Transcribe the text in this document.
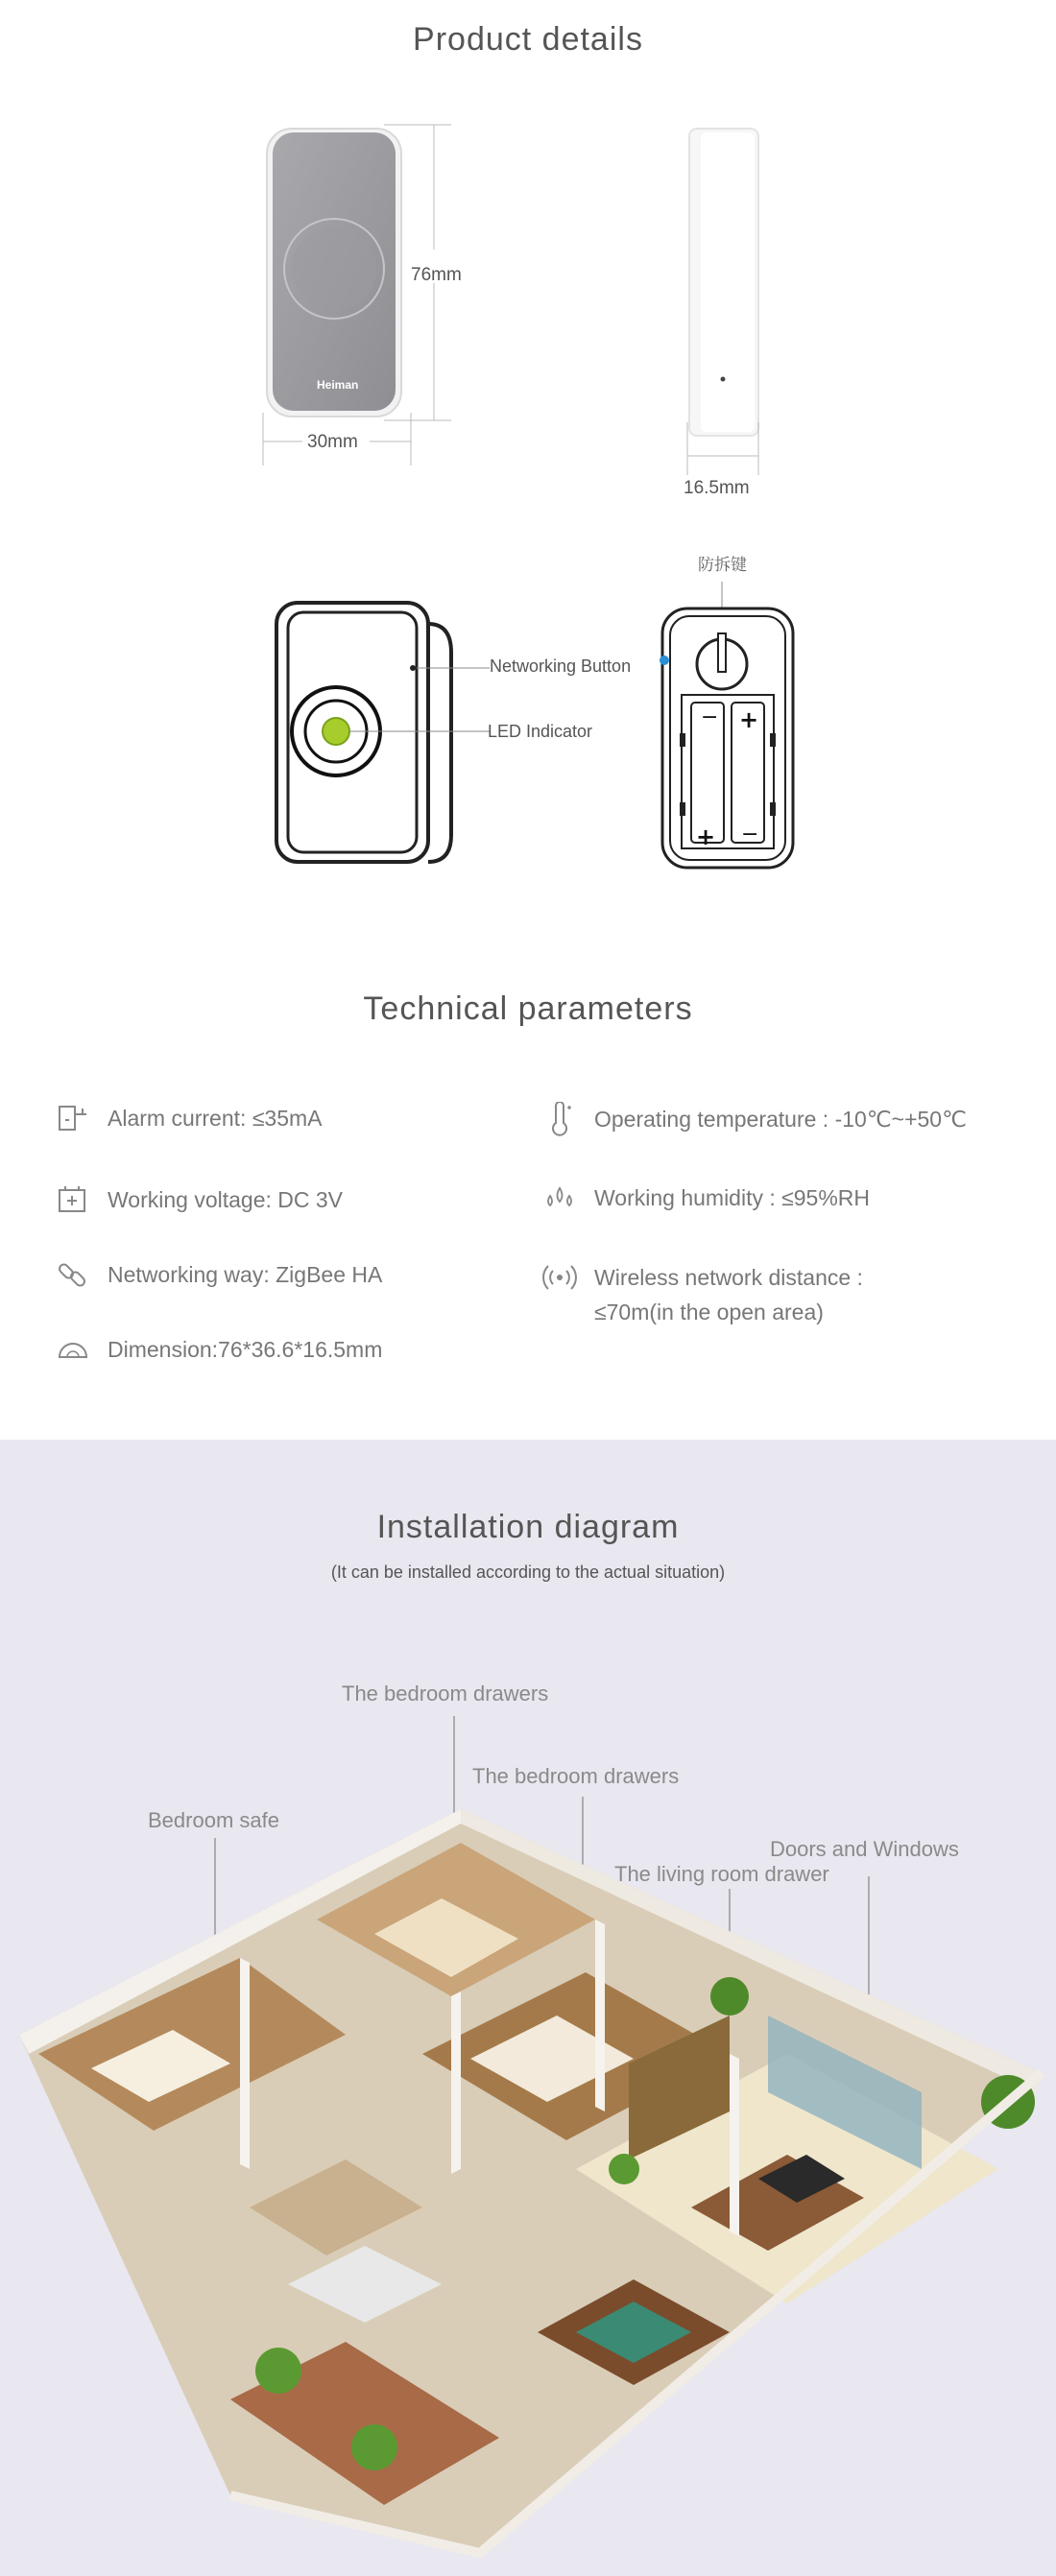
Product details
76mm
30mm
Heiman
16.5mm
Networking Button
LED Indicator
防拆键
− +
+ −
Technical parameters
Alarm current: ≤35mA	Operating temperature : -10℃~+50℃
Working voltage: DC 3V	Working humidity : ≤95%RH
Networking way: ZigBee HA	Wireless network distance :
≤70m(in the open area)
Dimension:76*36.6*16.5mm
Installation diagram
(It can be installed according to the actual situation)
The bedroom drawers
The bedroom drawers
Bedroom safe
Doors and Windows
The living room drawer
